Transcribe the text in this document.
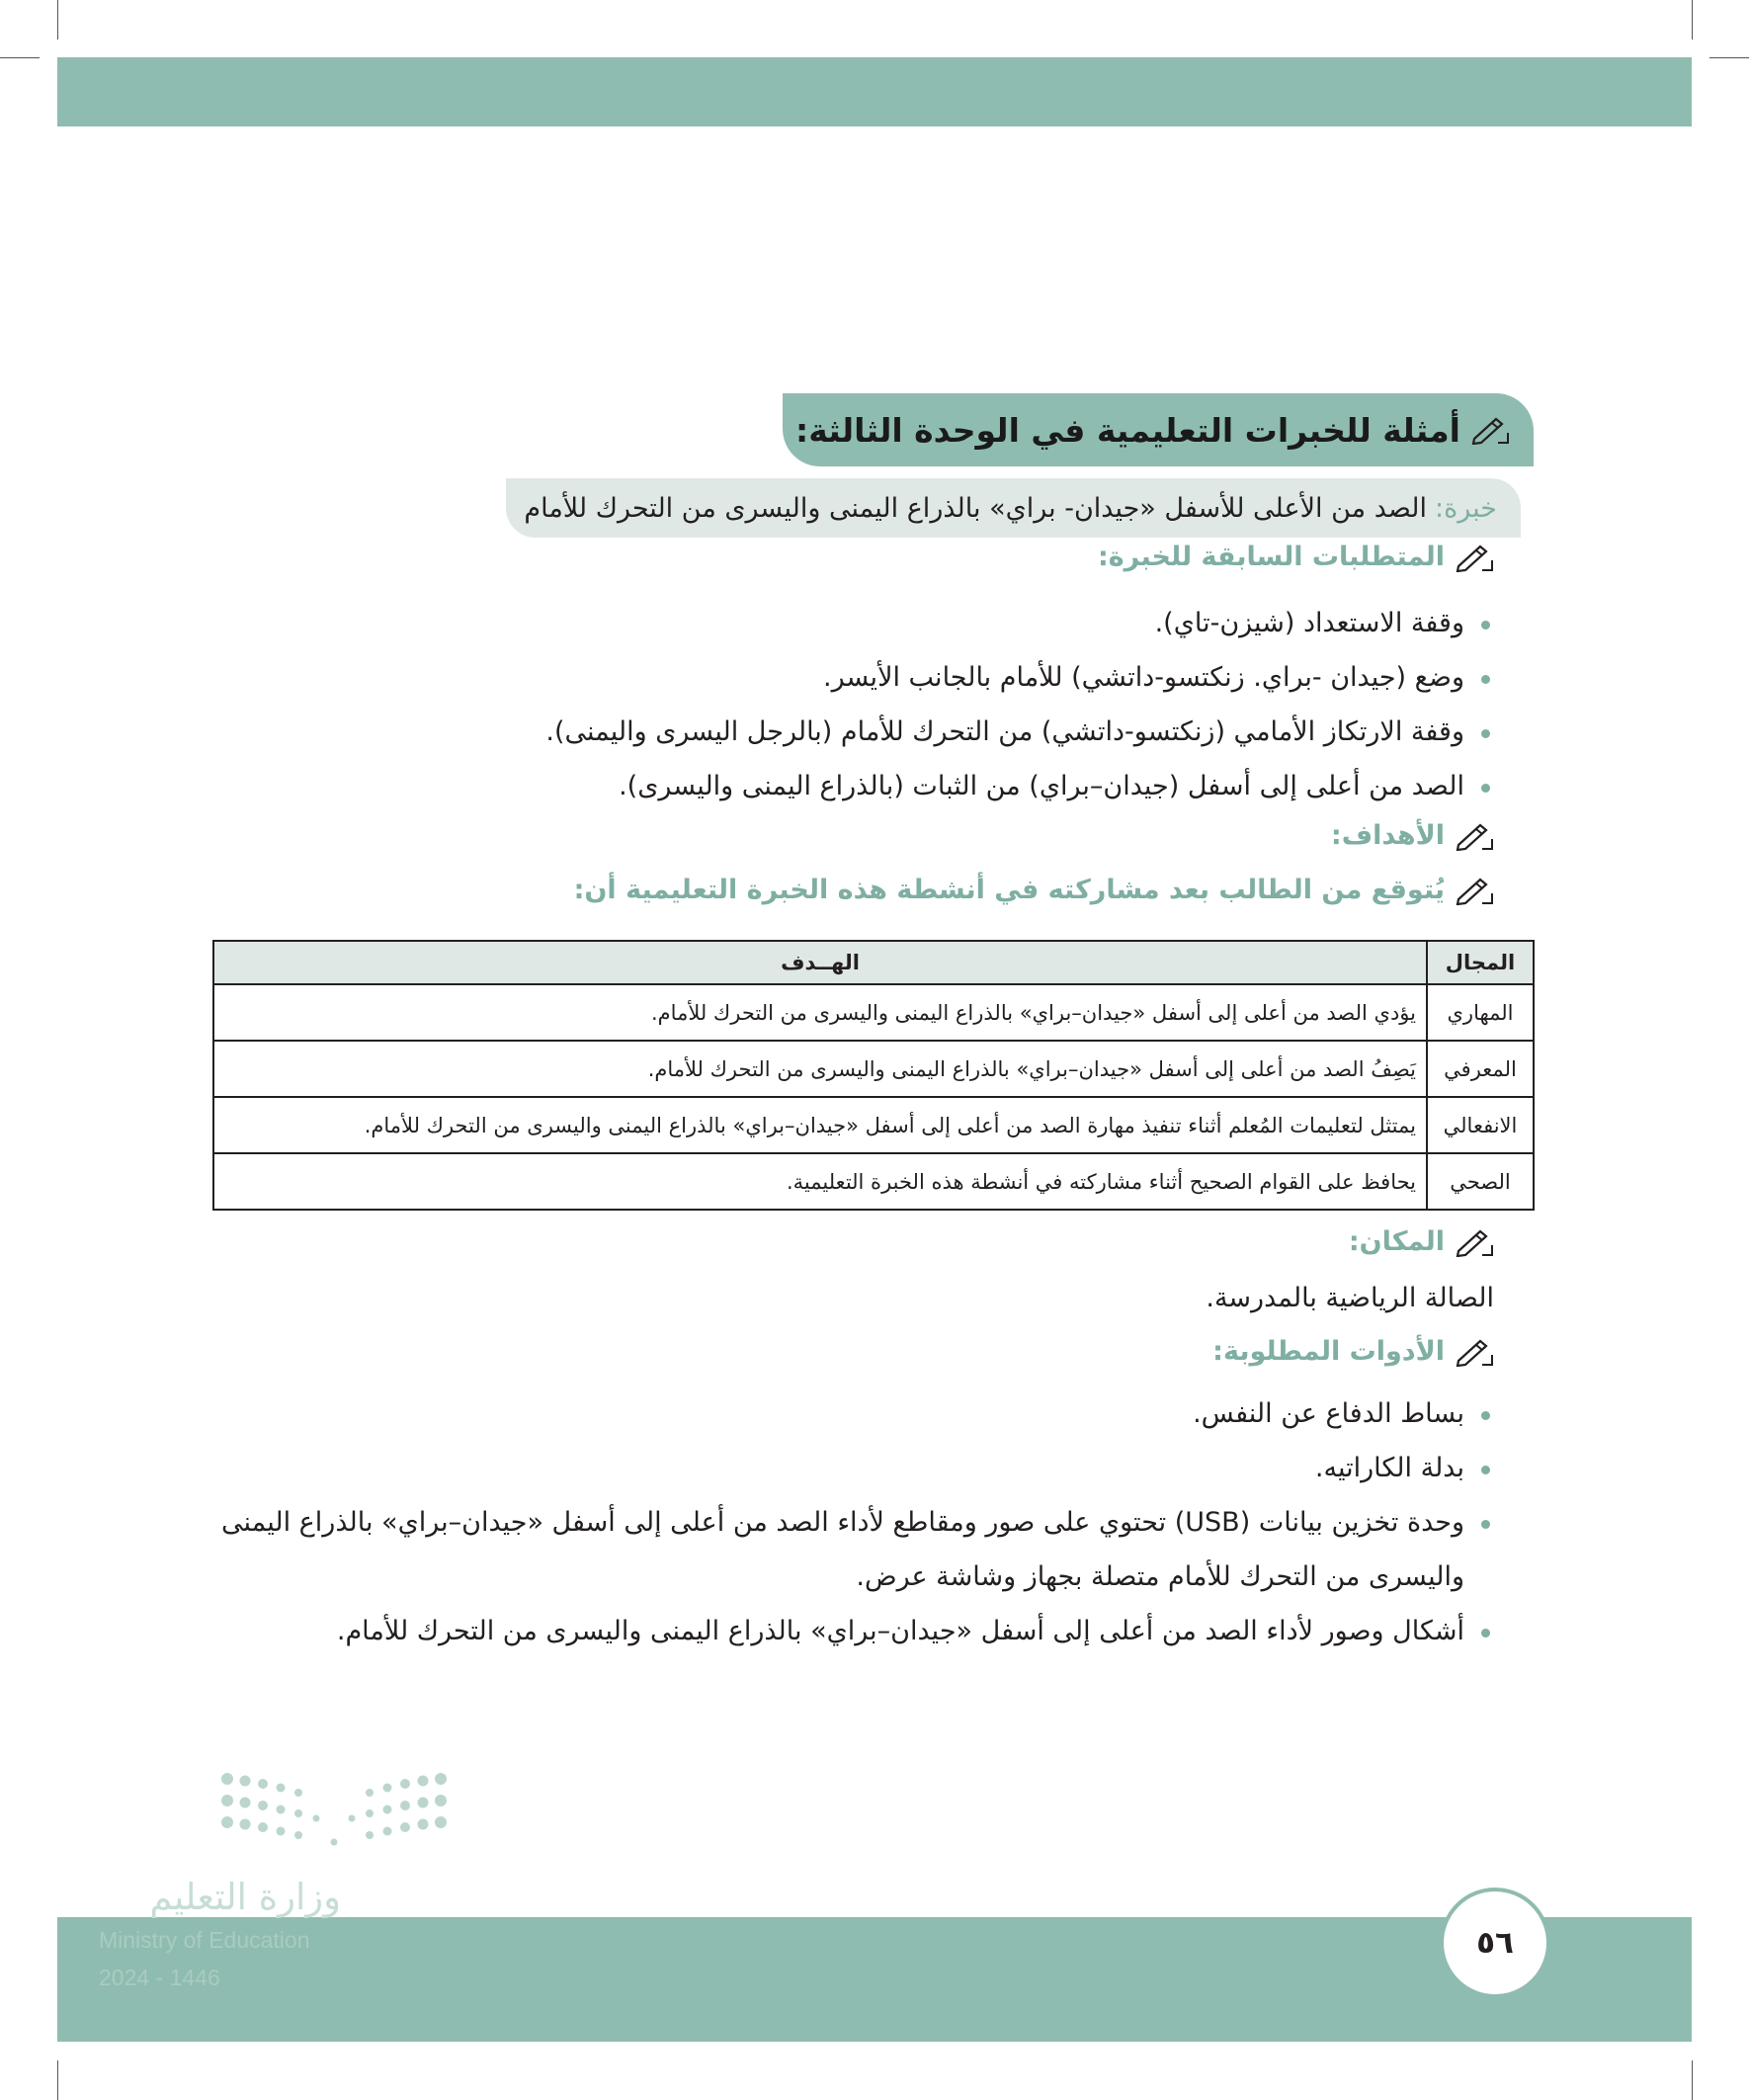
أمثلة للخبرات التعليمية في الوحدة الثالثة:
خبرة:
الصد من الأعلى للأسفل «جيدان- براي» بالذراع اليمنى واليسرى من التحرك للأمام
المتطلبات السابقة للخبرة:
وقفة الاستعداد (شيزن-تاي).
وضع (جيدان -براي. زنكتسو-داتشي) للأمام بالجانب الأيسر.
وقفة الارتكاز الأمامي (زنكتسو-داتشي) من التحرك للأمام (بالرجل اليسرى واليمنى).
الصد من أعلى إلى أسفل (جيدان–براي) من الثبات (بالذراع اليمنى واليسرى).
الأهداف:
يُتوقع من الطالب بعد مشاركته في أنشطة هذه الخبرة التعليمية أن:
المجال	الهــدف
المهاري	يؤدي الصد من أعلى إلى أسفل «جيدان–براي» بالذراع اليمنى واليسرى من التحرك للأمام.
المعرفي	يَصِفُ الصد من أعلى إلى أسفل «جيدان–براي» بالذراع اليمنى واليسرى من التحرك للأمام.
الانفعالي	يمتثل لتعليمات المُعلم أثناء تنفيذ مهارة الصد من أعلى إلى أسفل «جيدان–براي» بالذراع اليمنى واليسرى من التحرك للأمام.
الصحي	يحافظ على القوام الصحيح أثناء مشاركته في أنشطة هذه الخبرة التعليمية.
المكان:
الصالة الرياضية بالمدرسة.
الأدوات المطلوبة:
بساط الدفاع عن النفس.
بدلة الكاراتيه.
وحدة تخزين بيانات (USB) تحتوي على صور ومقاطع لأداء الصد من أعلى إلى أسفل «جيدان–براي» بالذراع اليمنى واليسرى من التحرك للأمام متصلة بجهاز وشاشة عرض.
أشكال وصور لأداء الصد من أعلى إلى أسفل «جيدان–براي» بالذراع اليمنى واليسرى من التحرك للأمام.
وزارة التعليم
Ministry of Education
2024 - 1446
٥٦
